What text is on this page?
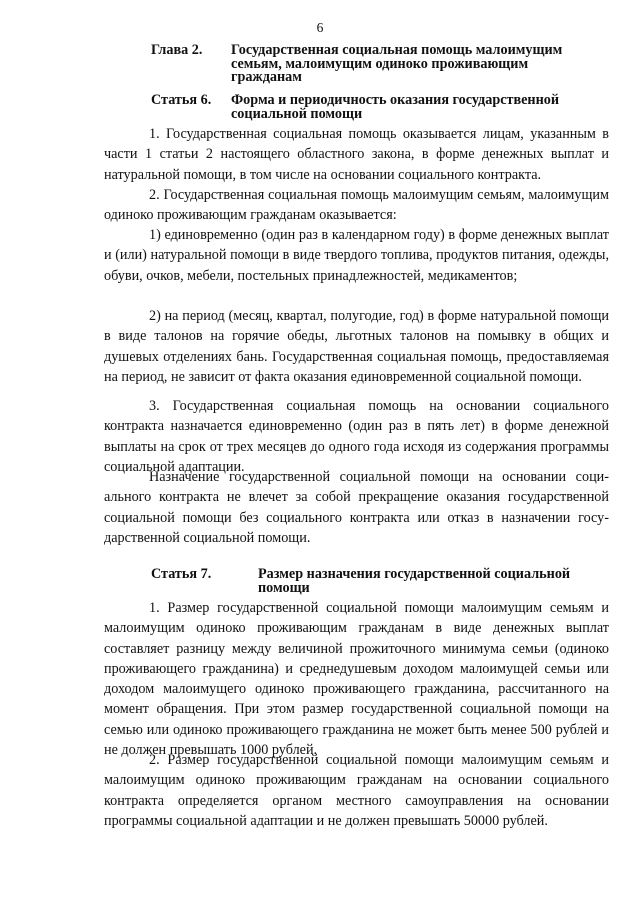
6
Глава 2. Государственная социальная помощь малоимущим семьям, малоимущим одиноко проживающим гражданам
Статья 6. Форма и периодичность оказания государственной социальной помощи

1. Государственная социальная помощь оказывается лицам, указанным в части 1 статьи 2 настоящего областного закона, в форме денежных выплат и натуральной помощи, в том числе на основании социального контракта.

2. Государственная социальная помощь малоимущим семьям, малоимущим одиноко проживающим гражданам оказывается:

1) единовременно (один раз в календарном году) в форме денежных выплат и (или) натуральной помощи в виде твердого топлива, продуктов питания, одежды, обуви, очков, мебели, постельных принадлежностей, медикаментов;

2) на период (месяц, квартал, полугодие, год) в форме натуральной помощи в виде талонов на горячие обеды, льготных талонов на помывку в общих и душевых отделениях бань. Государственная социальная помощь, предоставляемая на период, не зависит от факта оказания единовременной социальной помощи.

3. Государственная социальная помощь на основании социального контракта назначается единовременно (один раз в пять лет) в форме денежной выплаты на срок от трех месяцев до одного года исходя из содержания программы социальной адаптации.

Назначение государственной социальной помощи на основании социального контракта не влечет за собой прекращение оказания государственной социальной помощи без социального контракта или отказ в назначении государственной социальной помощи.

Статья 7.	Размер назначения государственной социальной помощи

1. Размер государственной социальной помощи малоимущим семьям и малоимущим одиноко проживающим гражданам в виде денежных выплат составляет разницу между величиной прожиточного минимума семьи (одиноко проживающего гражданина) и среднедушевым доходом малоимущей семьи или доходом малоимущего одиноко проживающего гражданина, рассчитанного на момент обращения. При этом размер государственной социальной помощи на семью или одиноко проживающего гражданина не может быть менее 500 рублей и не должен превышать 1000 рублей.

2. Размер государственной социальной помощи малоимущим семьям и малоимущим одиноко проживающим гражданам на основании социального контракта определяется органом местного самоуправления на основании программы социальной адаптации и не должен превышать 50000 рублей.
